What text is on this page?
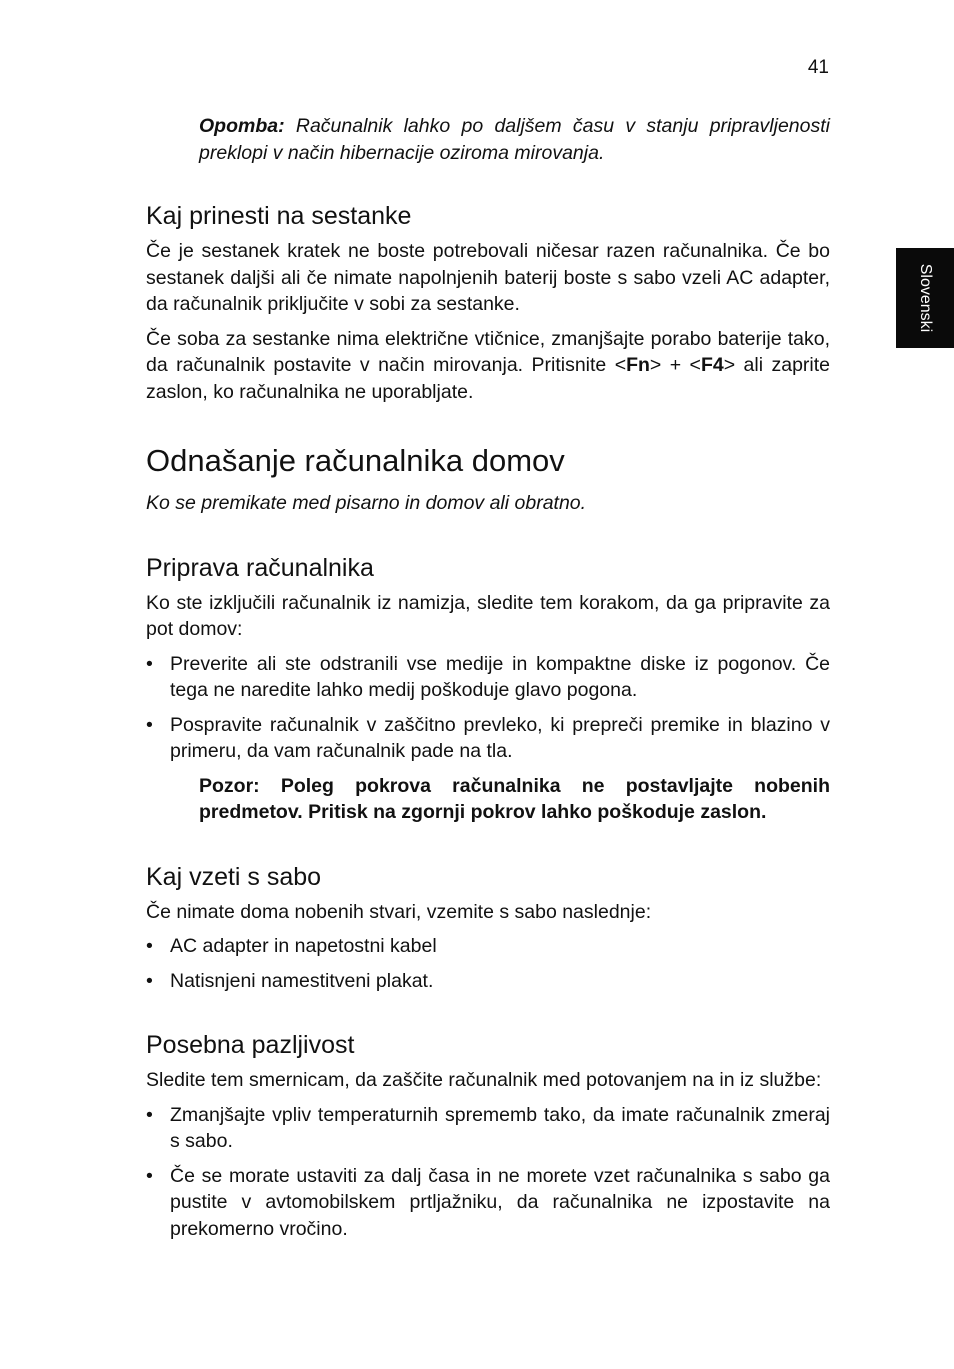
41
Slovenski

Opomba: Računalnik lahko po daljšem času v stanju pripravljenosti preklopi v način hibernacije oziroma mirovanja.

Kaj prinesti na sestanke

Če je sestanek kratek ne boste potrebovali ničesar razen računalnika. Če bo sestanek daljši ali če nimate napolnjenih baterij boste s sabo vzeli AC adapter, da računalnik priključite v sobi za sestanke.

Če soba za sestanke nima električne vtičnice, zmanjšajte porabo baterije tako, da računalnik postavite v način mirovanja. Pritisnite <Fn> + <F4> ali zaprite zaslon, ko računalnika ne uporabljate.

Odnašanje računalnika domov

Ko se premikate med pisarno in domov ali obratno.

Priprava računalnika

Ko ste izključili računalnik iz namizja, sledite tem korakom, da ga pripravite za pot domov:

• Preverite ali ste odstranili vse medije in kompaktne diske iz pogonov. Če tega ne naredite lahko medij poškoduje glavo pogona.
• Pospravite računalnik v zaščitno prevleko, ki prepreči premike in blazino v primeru, da vam računalnik pade na tla.

Pozor: Poleg pokrova računalnika ne postavljajte nobenih predmetov. Pritisk na zgornji pokrov lahko poškoduje zaslon.

Kaj vzeti s sabo

Če nimate doma nobenih stvari, vzemite s sabo naslednje:

• AC adapter in napetostni kabel
• Natisnjeni namestitveni plakat.
Posebna pazljivost

Sledite tem smernicam, da zaščite računalnik med potovanjem na in iz službe:

• Zmanjšajte vpliv temperaturnih sprememb tako, da imate računalnik zmeraj s sabo.
• Če se morate ustaviti za dalj časa in ne morete vzet računalnika s sabo ga pustite v avtomobilskem prtljažniku, da računalnika ne izpostavite na prekomerno vročino.
